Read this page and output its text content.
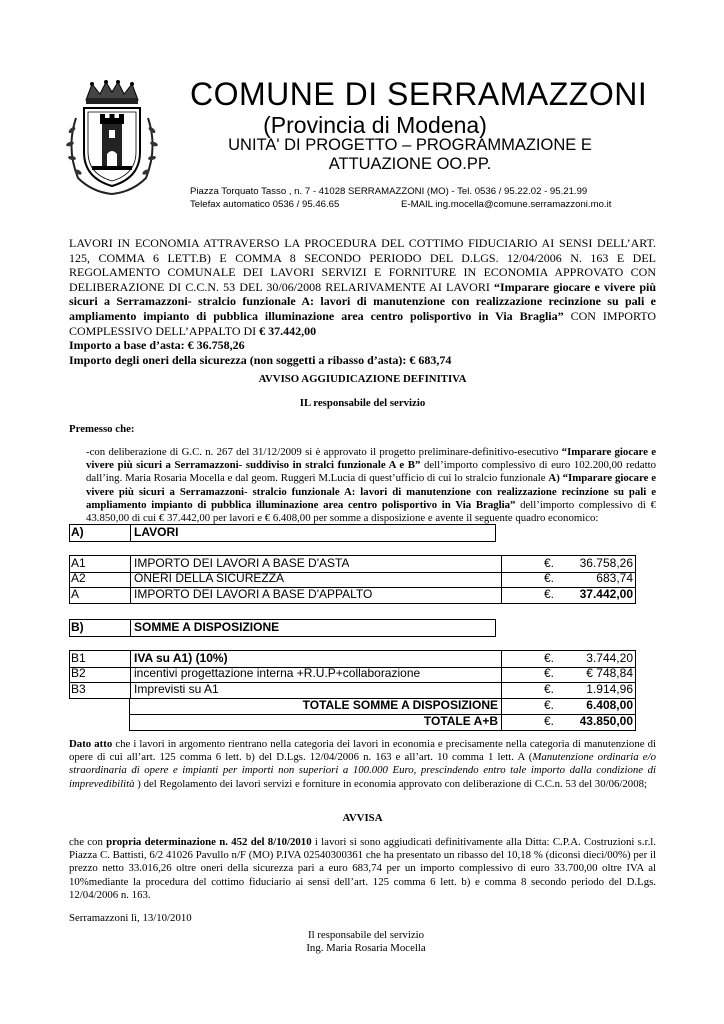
COMUNE DI SERRAMAZZONI
(Provincia di Modena)
UNITA' DI PROGETTO – PROGRAMMAZIONE E
ATTUAZIONE OO.PP.
Piazza Torquato Tasso , n. 7 - 41028 SERRAMAZZONI (MO) - Tel. 0536 / 95.22.02 - 95.21.99
Telefax automatico 0536 / 95.46.65	E-MAIL ing.mocella@comune.serramazzoni.mo.it

LAVORI IN ECONOMIA ATTRAVERSO LA PROCEDURA DEL COTTIMO FIDUCIARIO AI SENSI DELL’ART. 125, COMMA 6 LETT.B) E COMMA 8 SECONDO PERIODO DEL D.LGS. 12/04/2006 N. 163 E DEL REGOLAMENTO COMUNALE DEI LAVORI SERVIZI E FORNITURE IN ECONOMIA APPROVATO CON DELIBERAZIONE DI C.C.N. 53 DEL 30/06/2008 RELARIVAMENTE AI LAVORI “Imparare giocare e vivere più sicuri a Serramazzoni- stralcio funzionale A: lavori di manutenzione con realizzazione recinzione su pali e ampliamento impianto di pubblica illuminazione area centro polisportivo in Via Braglia” CON IMPORTO COMPLESSIVO DELL’APPALTO DI € 37.442,00

Importo a base d’asta: € 36.758,26

Importo degli oneri della sicurezza (non soggetti a ribasso d’asta): € 683,74

AVVISO AGGIUDICAZIONE DEFINITIVA
IL responsabile del servizio
Premesso che:
-con deliberazione di G.C. n. 267 del 31/12/2009 si è approvato il progetto preliminare-definitivo-esecutivo “Imparare giocare e vivere più sicuri a Serramazzoni- suddiviso in stralci funzionale A e B” dell’importo complessivo di euro 102.200,00 redatto dall’ing. Maria Rosaria Mocella e dal geom. Ruggeri M.Lucia di quest’ufficio di cui lo stralcio funzionale A) “Imparare giocare e vivere più sicuri a Serramazzoni- stralcio funzionale A: lavori di manutenzione con realizzazione recinzione su pali e ampliamento impianto di pubblica illuminazione area centro polisportivo in Via Braglia” dell’importo complessivo di € 43.850,00 di cui € 37.442,00 per lavori e € 6.408,00 per somme a disposizione e avente il seguente quadro economico:
A)	LAVORI
A1	IMPORTO DEI LAVORI A BASE D'ASTA	€. 36.758,26
A2	ONERI DELLA SICUREZZA	€.	683,74
A	IMPORTO DEI LAVORI A BASE D'APPALTO	€. 37.442,00
B)	SOMME A DISPOSIZIONE
B1	IVA su A1) (10%)	€.	3.744,20
B2	incentivi progettazione interna +R.U.P+collaborazione	€.	€ 748,84
B3	Imprevisti su A1	€.	1.914,96
TOTALE SOMME A DISPOSIZIONE	€.	6.408,00
TOTALE A+B	€. 43.850,00
Dato atto che i lavori in argomento rientrano nella categoria dei lavori in economia e precisamente nella categoria di manutenzione di opere di cui all’art. 125 comma 6 lett. b) del D.Lgs. 12/04/2006 n. 163 e all’art. 10 comma 1 lett. A (Manutenzione ordinaria e/o straordinaria di opere e impianti per importi non superiori a 100.000 Euro, prescindendo entro tale importo dalla condizione di imprevedibilità ) del Regolamento dei lavori servizi e forniture in economia approvato con deliberazione di C.C.n. 53 del 30/06/2008;
AVVISA
che con propria determinazione n. 452 del 8/10/2010 i lavori si sono aggiudicati definitivamente alla Ditta: C.P.A. Costruzioni s.r.l. Piazza C. Battisti, 6/2 41026 Pavullo n/F (MO) P.IVA 02540300361 che ha presentato un ribasso del 10,18 % (diconsi dieci/00%) per il prezzo netto 33.016,26 oltre oneri della sicurezza pari a euro 683,74 per un importo complessivo di euro 33.700,00 oltre IVA al 10%mediante la procedura del cottimo fiduciario ai sensi dell’art. 125 comma 6 lett. b) e comma 8 secondo periodo del D.Lgs. 12/04/2006 n. 163.
Serramazzoni lì, 13/10/2010
Il responsabile del servizio
Ing. Maria Rosaria Mocella
